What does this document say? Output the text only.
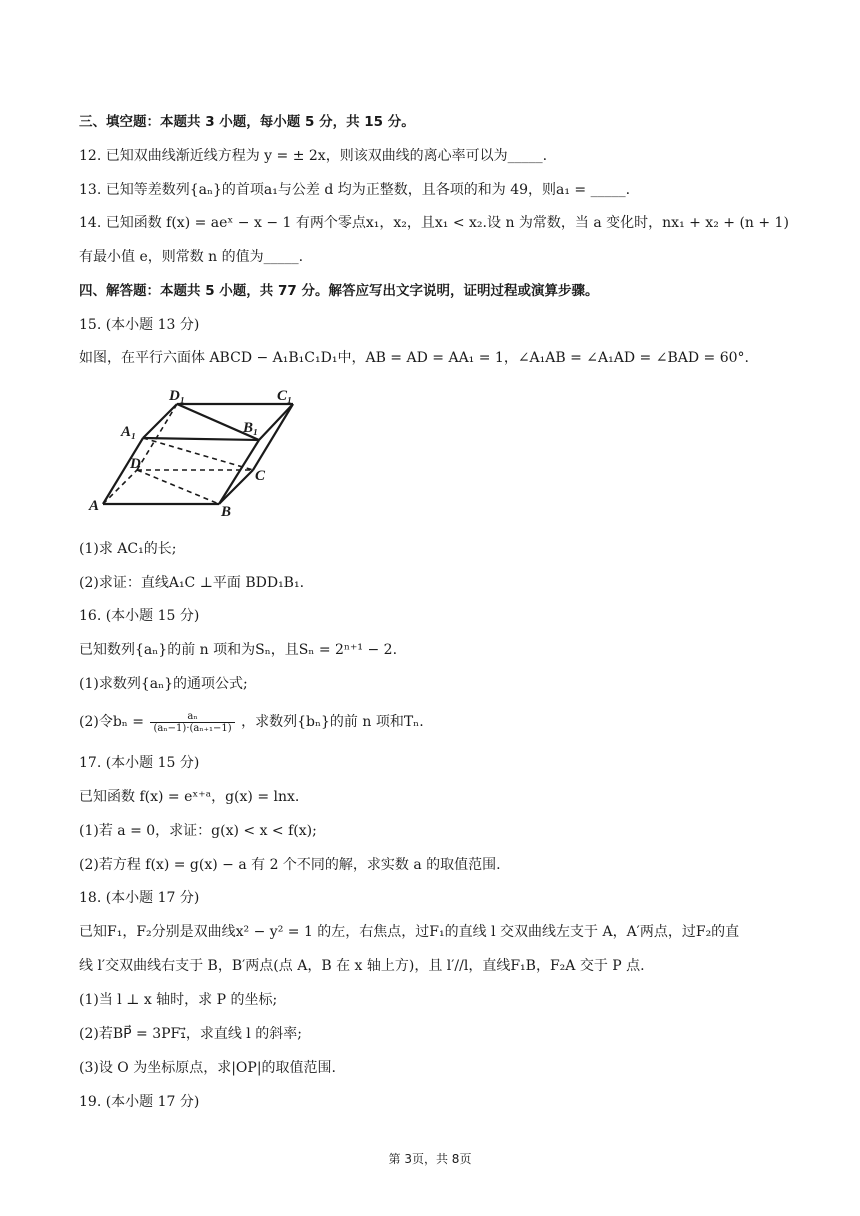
三、填空题：本题共 3 小题，每小题 5 分，共 15 分。
12. 已知双曲线渐近线方程为 y = ± 2x，则该双曲线的离心率可以为_____.
13. 已知等差数列{aₙ}的首项a₁与公差 d 均为正整数，且各项的和为 49，则a₁ = _____.
14. 已知函数 f(x) = aeˣ − x − 1 有两个零点x₁，x₂，且x₁ < x₂.设 n 为常数，当 a 变化时，nx₁ + x₂ + (n + 1)
有最小值 e，则常数 n 的值为_____.
四、解答题：本题共 5 小题，共 77 分。解答应写出文字说明，证明过程或演算步骤。
15. (本小题 13 分)
如图，在平行六面体 ABCD − A₁B₁C₁D₁中，AB = AD = AA₁ = 1，∠A₁AB = ∠A₁AD = ∠BAD = 60°.
D₁	C₁
A₁	B₁
D
C
A	B
(1)求 AC₁的长;
(2)求证：直线A₁C ⊥平面 BDD₁B₁.
16. (本小题 15 分)
已知数列{aₙ}的前 n 项和为Sₙ，且Sₙ = 2ⁿ⁺¹ − 2.
(1)求数列{aₙ}的通项公式;
(2)令$b_n = \frac{\text{aₙ}}{\text{(aₙ−1)·(aₙ₊₁−1)}}$ ，求数列{bₙ}的前 n 项和Tₙ.
17. (本小题 15 分)
已知函数 f(x) = eˣ⁺ᵃ，g(x) = lnx.
(1)若 a = 0，求证：g(x) < x < f(x);
(2)若方程 f(x) = g(x) − a 有 2 个不同的解，求实数 a 的取值范围.
18. (本小题 17 分)
已知F₁，F₂分别是双曲线x² − y² = 1 的左，右焦点，过F₁的直线 l 交双曲线左支于 A，A′两点，过F₂的直
线 l′交双曲线右支于 B，B′两点(点 A，B 在 x 轴上方)，且 l′//l，直线F₁B，F₂A 交于 P 点.
(1)当 l ⊥ x 轴时，求 P 的坐标;
(2)若BP⃗ = 3PF₁⃗，求直线 l 的斜率;
(3)设 O 为坐标原点，求|OP|的取值范围.
19. (本小题 17 分)
第 3页，共 8页
